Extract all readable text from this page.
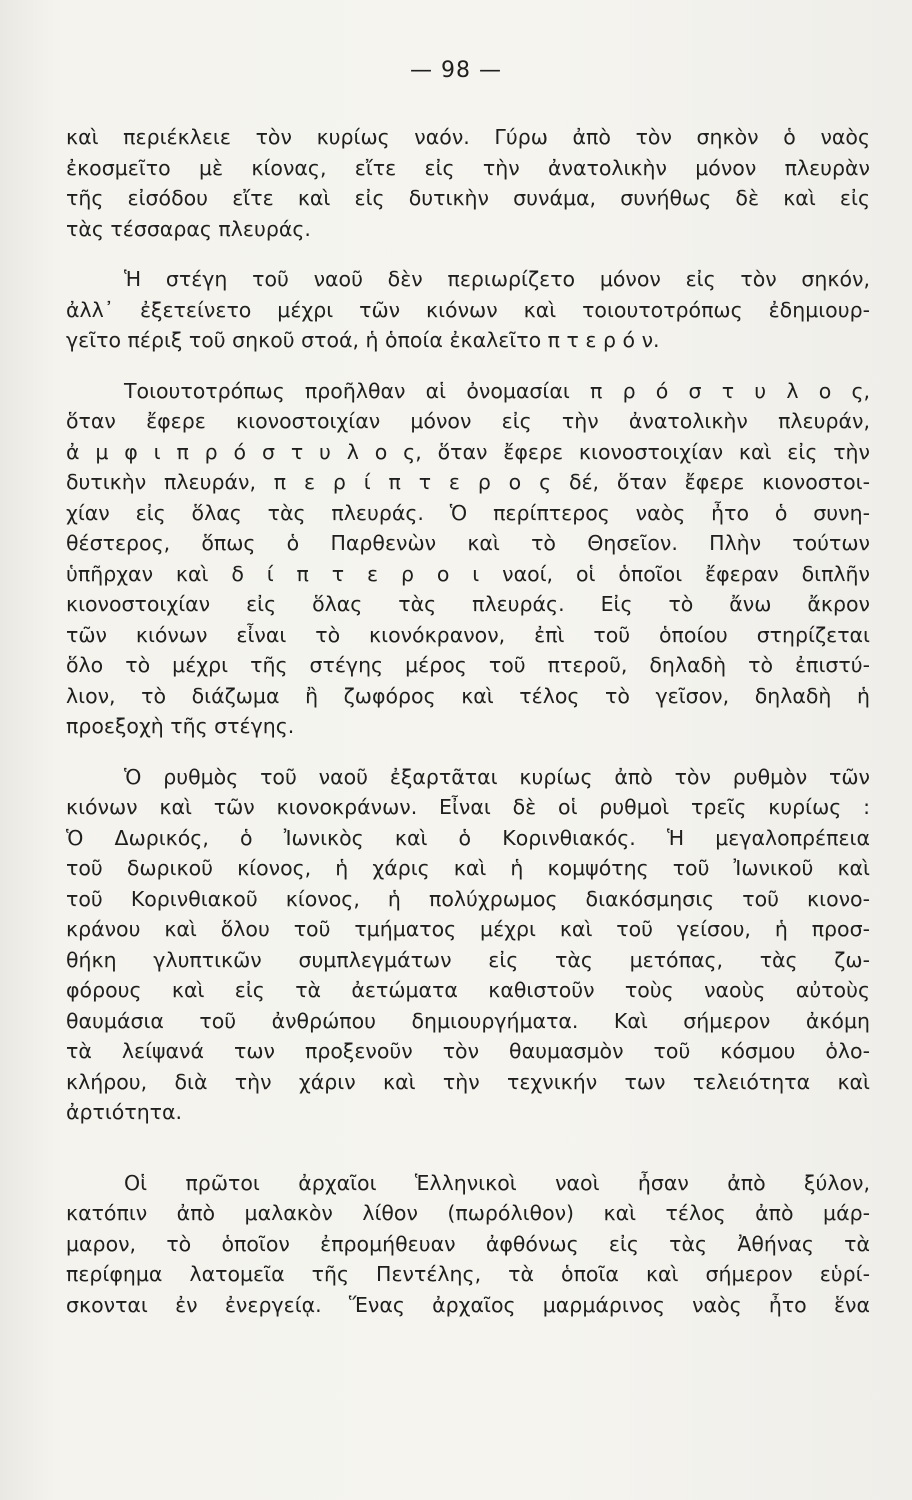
— 98 —
καὶ περιέκλειε τὸν κυρίως ναόν. Γύρω ἀπὸ τὸν σηκὸν ὁ ναὸς
ἐκοσμεῖτο μὲ κίονας, εἴτε εἰς τὴν ἀνατολικὴν μόνον πλευρὰν
τῆς εἰσόδου εἴτε καὶ εἰς δυτικὴν συνάμα, συνήθως δὲ καὶ εἰς
τὰς τέσσαρας πλευράς.
Ἡ στέγη τοῦ ναοῦ δὲν περιωρίζετο μόνον εἰς τὸν σηκόν,
ἀλλ᾽ ἐξετείνετο μέχρι τῶν κιόνων καὶ τοιουτοτρόπως ἐδημιουρ-
γεῖτο πέριξ τοῦ σηκοῦ στοά, ἡ ὁποία ἐκαλεῖτο π τ ε ρ ό ν.
Τοιουτοτρόπως προῆλθαν αἱ ὀνομασίαι π ρ ό σ τ υ λ ο ς,
ὅταν ἔφερε κιονοστοιχίαν μόνον εἰς τὴν ἀνατολικὴν πλευράν,
ἀ μ φ ι π ρ ό σ τ υ λ ο ς, ὅταν ἔφερε κιονοστοιχίαν καὶ εἰς τὴν
δυτικὴν πλευράν, π ε ρ ί π τ ε ρ ο ς δέ, ὅταν ἔφερε κιονοστοι-
χίαν εἰς ὅλας τὰς πλευράς. Ὁ περίπτερος ναὸς ἦτο ὁ συνη-
θέστερος, ὅπως ὁ Παρθενὼν καὶ τὸ Θησεῖον. Πλὴν τούτων
ὑπῆρχαν καὶ δ ί π τ ε ρ ο ι ναοί, οἱ ὁποῖοι ἔφεραν διπλῆν
κιονοστοιχίαν εἰς ὅλας τὰς πλευράς. Εἰς τὸ ἄνω ἄκρον
τῶν κιόνων εἶναι τὸ κιονόκρανον, ἐπὶ τοῦ ὁποίου στηρίζεται
ὅλο τὸ μέχρι τῆς στέγης μέρος τοῦ πτεροῦ, δηλαδὴ τὸ ἐπιστύ-
λιον, τὸ διάζωμα ἢ ζωφόρος καὶ τέλος τὸ γεῖσον, δηλαδὴ ἡ
προεξοχὴ τῆς στέγης.
Ὁ ρυθμὸς τοῦ ναοῦ ἐξαρτᾶται κυρίως ἀπὸ τὸν ρυθμὸν τῶν
κιόνων καὶ τῶν κιονοκράνων. Εἶναι δὲ οἱ ρυθμοὶ τρεῖς κυρίως :
Ὁ Δωρικός, ὁ Ἰωνικὸς καὶ ὁ Κορινθιακός. Ἡ μεγαλοπρέπεια
τοῦ δωρικοῦ κίονος, ἡ χάρις καὶ ἡ κομψότης τοῦ Ἰωνικοῦ καὶ
τοῦ Κορινθιακοῦ κίονος, ἡ πολύχρωμος διακόσμησις τοῦ κιονο-
κράνου καὶ ὅλου τοῦ τμήματος μέχρι καὶ τοῦ γείσου, ἡ προσ-
θήκη γλυπτικῶν συμπλεγμάτων εἰς τὰς μετόπας, τὰς ζω-
φόρους καὶ εἰς τὰ ἀετώματα καθιστοῦν τοὺς ναοὺς αὐτοὺς
θαυμάσια τοῦ ἀνθρώπου δημιουργήματα. Καὶ σήμερον ἀκόμη
τὰ λείψανά των προξενοῦν τὸν θαυμασμὸν τοῦ κόσμου ὁλο-
κλήρου, διὰ τὴν χάριν καὶ τὴν τεχνικήν των τελειότητα καὶ
ἀρτιότητα.
Οἱ πρῶτοι ἀρχαῖοι Ἑλληνικοὶ ναοὶ ἦσαν ἀπὸ ξύλον,
κατόπιν ἀπὸ μαλακὸν λίθον (πωρόλιθον) καὶ τέλος ἀπὸ μάρ-
μαρον, τὸ ὁποῖον ἐπρομήθευαν ἀφθόνως εἰς τὰς Ἀθήνας τὰ
περίφημα λατομεῖα τῆς Πεντέλης, τὰ ὁποῖα καὶ σήμερον εὑρί-
σκονται ἐν ἐνεργείᾳ. Ἕνας ἀρχαῖος μαρμάρινος ναὸς ἦτο ἕνα
